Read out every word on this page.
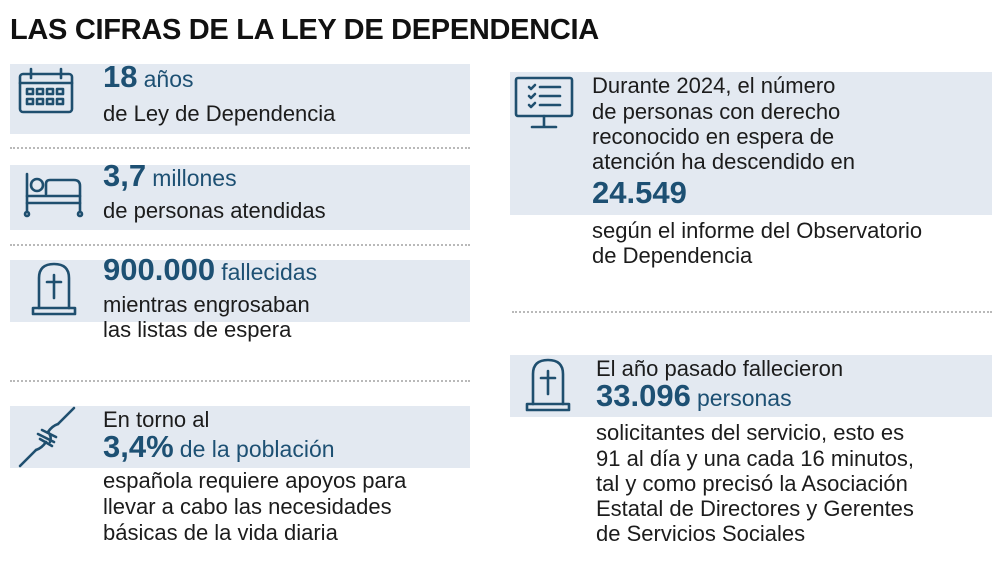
LAS CIFRAS DE LA LEY DE DEPENDENCIA
18 años
de Ley de Dependencia
3,7 millones
de personas atendidas
900.000 fallecidas
mientras engrosaban
las listas de espera
En torno al
3,4% de la población
española requiere apoyos para
llevar a cabo las necesidades
básicas de la vida diaria
Durante 2024, el número
de personas con derecho
reconocido en espera de
atención ha descendido en
24.549
según el informe del Observatorio
de Dependencia
El año pasado fallecieron
33.096 personas
solicitantes del servicio, esto es
91 al día y una cada 16 minutos,
tal y como precisó la Asociación
Estatal de Directores y Gerentes
de Servicios Sociales
